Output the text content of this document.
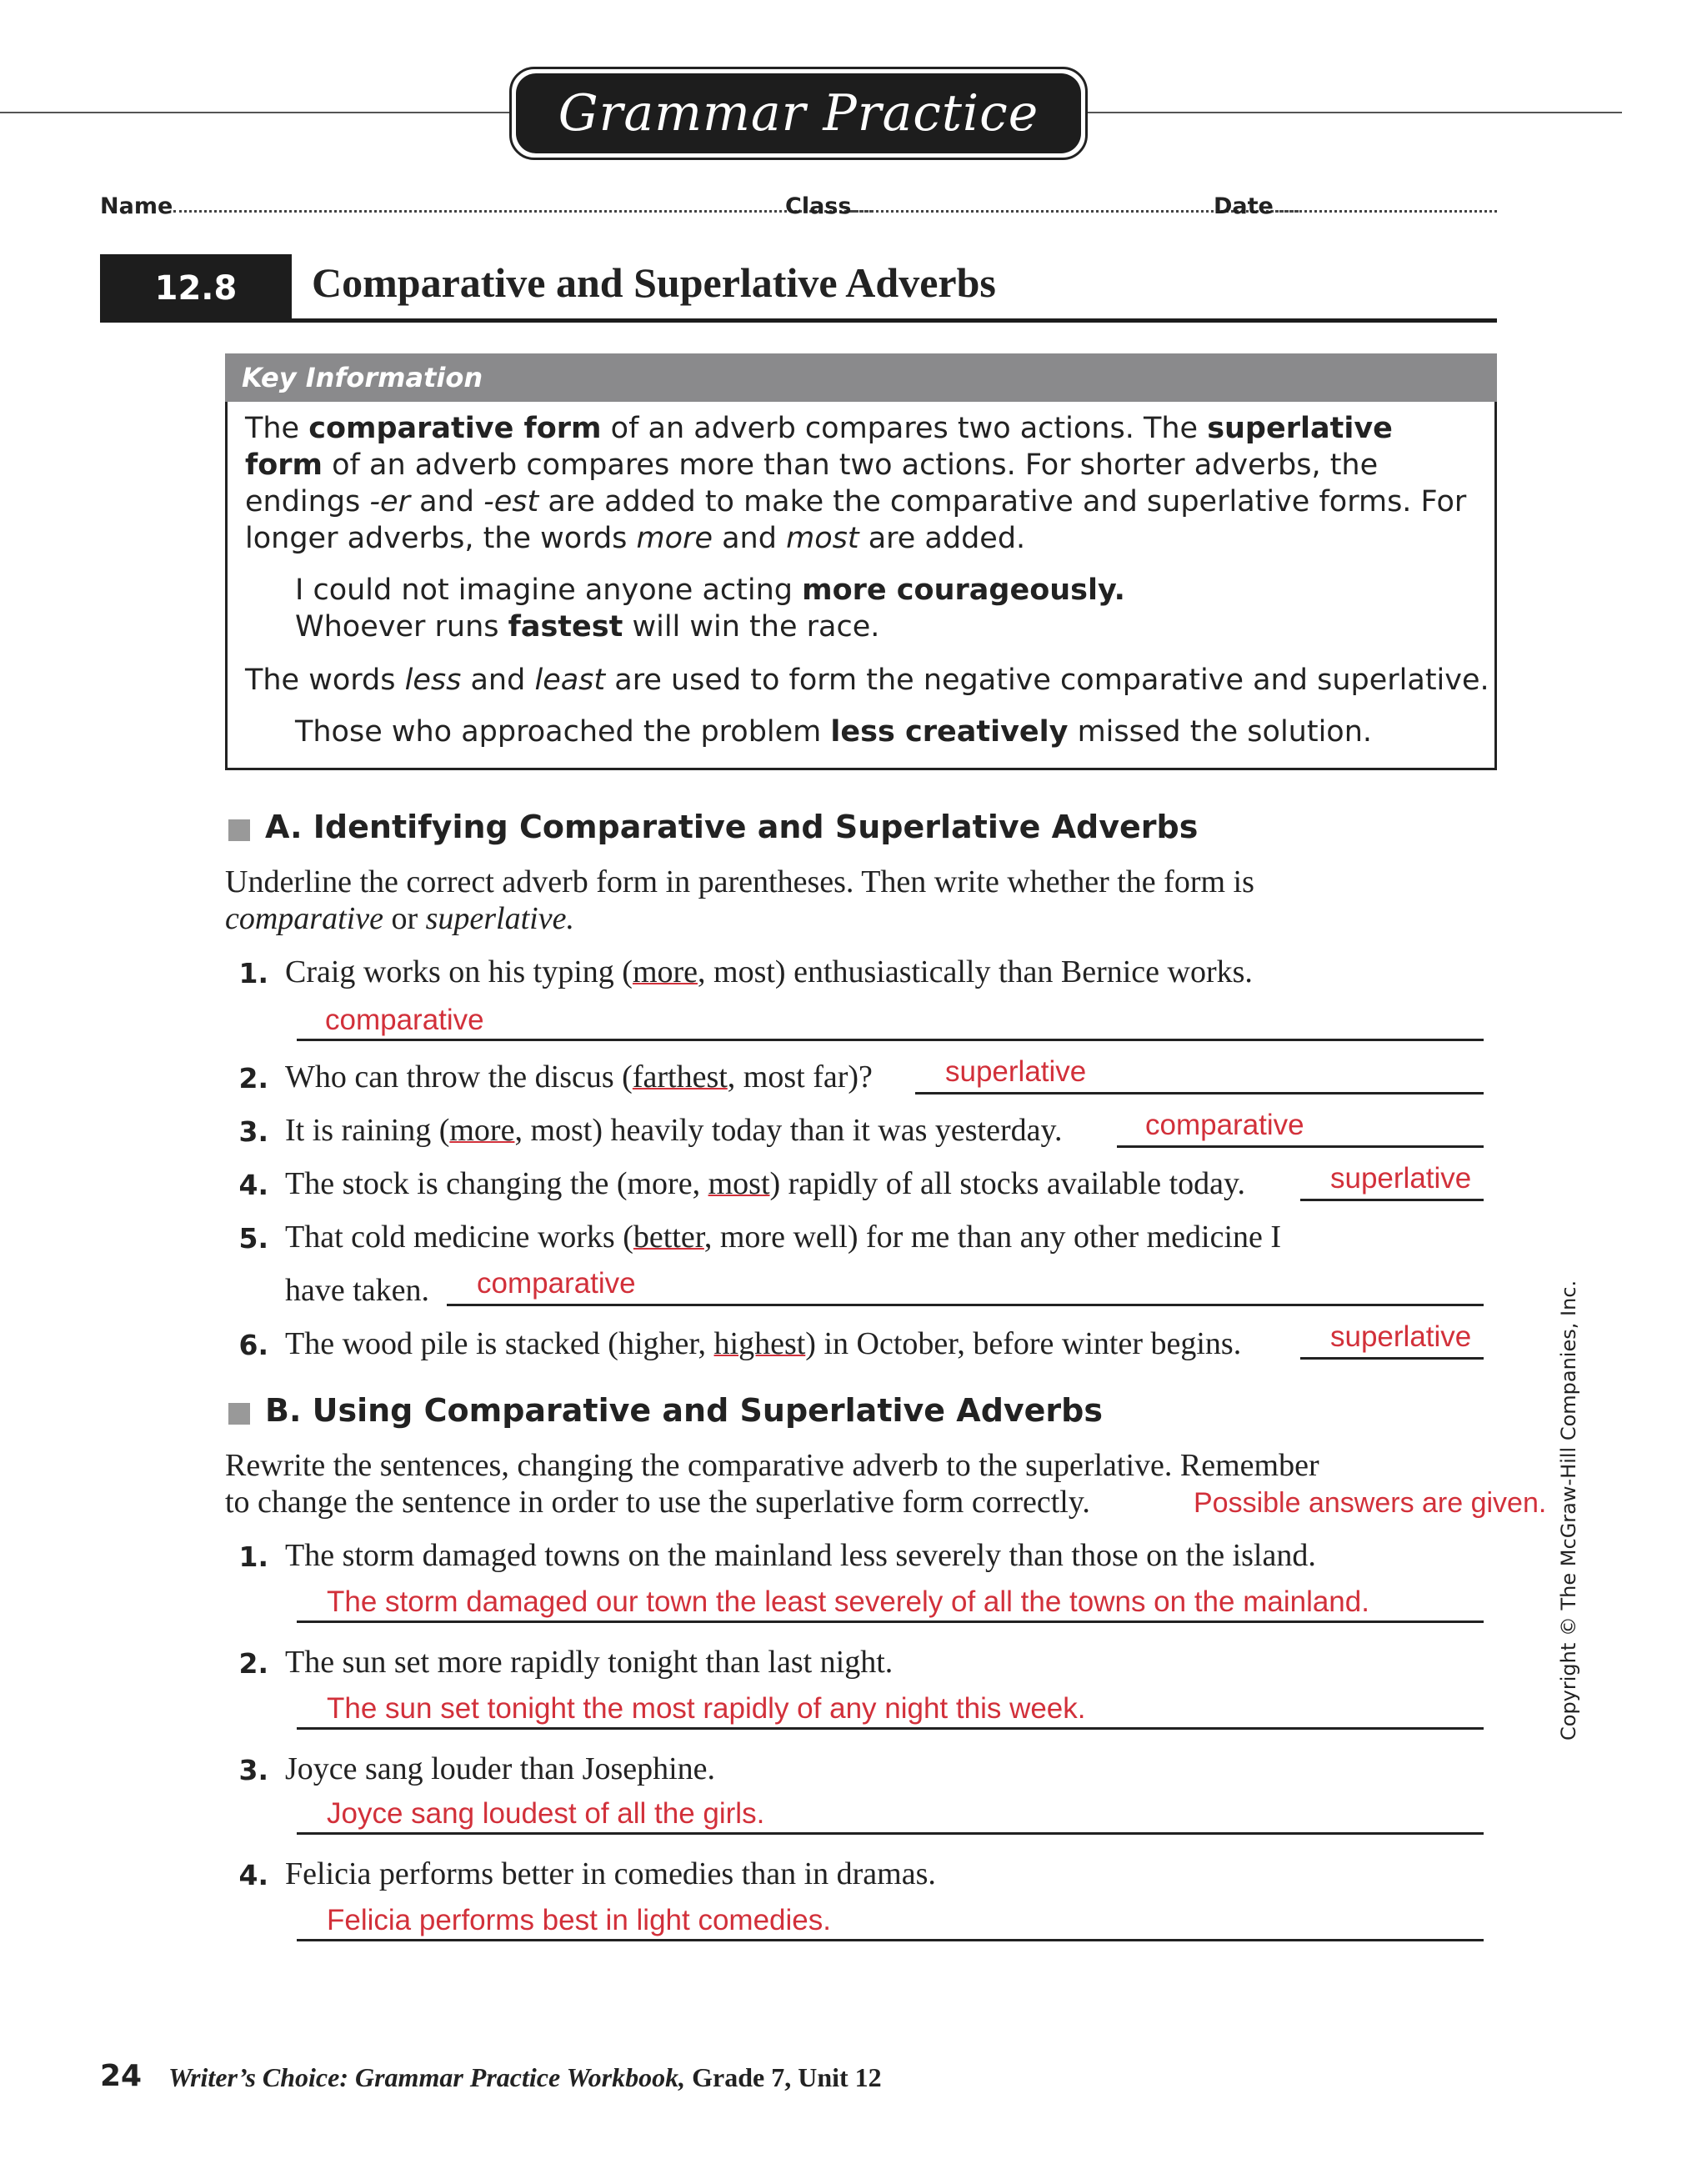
Grammar Practice
Name	Class	Date
12.8	Comparative and Superlative Adverbs
Key Information
The comparative form of an adverb compares two actions. The superlative form of an adverb compares more than two actions. For shorter adverbs, the endings -er and -est are added to make the comparative and superlative forms. For longer adverbs, the words more and most are added.
I could not imagine anyone acting more courageously.
Whoever runs fastest will win the race.
The words less and least are used to form the negative comparative and superlative.
Those who approached the problem less creatively missed the solution.
A. Identifying Comparative and Superlative Adverbs
Underline the correct adverb form in parentheses. Then write whether the form is
comparative or superlative.
1. Craig works on his typing (more, most) enthusiastically than Bernice works.
comparative
2. Who can throw the discus (farthest, most far)? superlative
3. It is raining (more, most) heavily today than it was yesterday.	comparative
4. The stock is changing the (more, most) rapidly of all stocks available today.	superlative
5. That cold medicine works (better, more well) for me than any other medicine I
have taken. comparative
6. The wood pile is stacked (higher, highest) in October, before winter begins.	superlative
B. Using Comparative and Superlative Adverbs
Rewrite the sentences, changing the comparative adverb to the superlative. Remember
to change the sentence in order to use the superlative form correctly.	Possible answers are given.
1. The storm damaged towns on the mainland less severely than those on the island.
The storm damaged our town the least severely of all the towns on the mainland.
2. The sun set more rapidly tonight than last night.
The sun set tonight the most rapidly of any night this week.
3. Joyce sang louder than Josephine.
Joyce sang loudest of all the girls.
4. Felicia performs better in comedies than in dramas.
Felicia performs best in light comedies.
Copyright © The McGraw-Hill Companies, Inc.
24 Writer’s Choice: Grammar Practice Workbook, Grade 7, Unit 12
